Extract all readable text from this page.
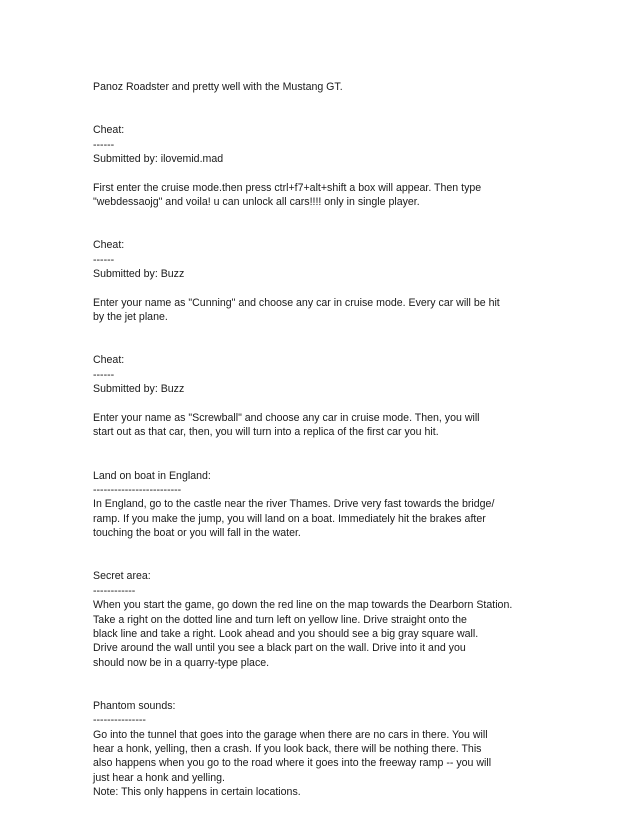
Panoz Roadster and pretty well with the Mustang GT.
Cheat:
------
Submitted by: ilovemid.mad
First enter the cruise mode.then press ctrl+f7+alt+shift a box will appear. Then type
"webdessaojg" and voila! u can unlock all cars!!!! only in single player.
Cheat:
------
Submitted by: Buzz
Enter your name as "Cunning" and choose any car in cruise mode. Every car will be hit
by the jet plane.
Cheat:
------
Submitted by: Buzz
Enter your name as "Screwball" and choose any car in cruise mode. Then, you will
start out as that car, then, you will turn into a replica of the first car you hit.
Land on boat in England:
-------------------------
In England, go to the castle near the river Thames. Drive very fast towards the bridge/
ramp. If you make the jump, you will land on a boat. Immediately hit the brakes after
touching the boat or you will fall in the water.
Secret area:
------------
When you start the game, go down the red line on the map towards the Dearborn Station.
Take a right on the dotted line and turn left on yellow line. Drive straight onto the
black line and take a right. Look ahead and you should see a big gray square wall.
Drive around the wall until you see a black part on the wall. Drive into it and you
should now be in a quarry-type place.
Phantom sounds:
---------------
Go into the tunnel that goes into the garage when there are no cars in there. You will
hear a honk, yelling, then a crash. If you look back, there will be nothing there. This
also happens when you go to the road where it goes into the freeway ramp -- you will
just hear a honk and yelling.
Note: This only happens in certain locations.
